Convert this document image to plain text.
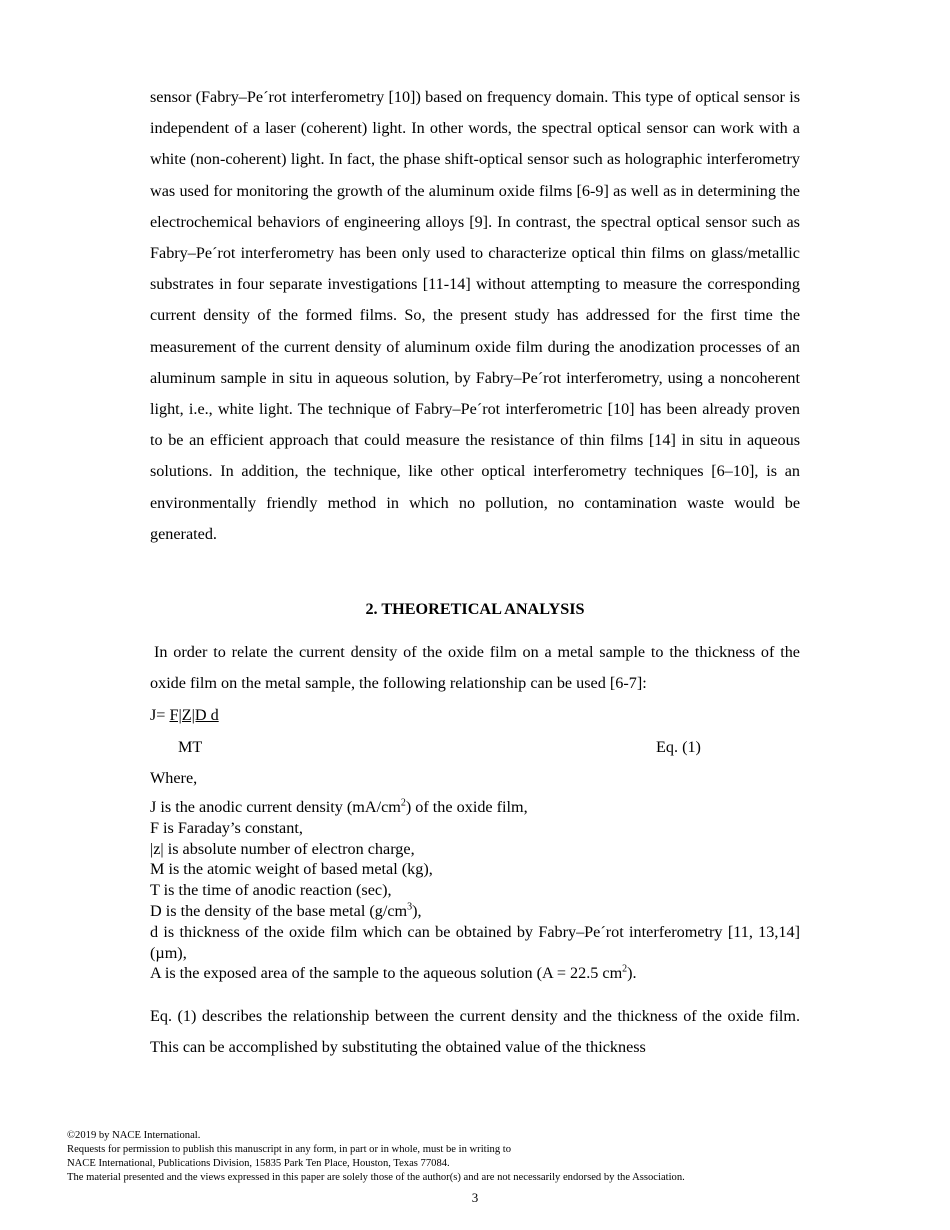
sensor (Fabry–Pe´rot interferometry [10]) based on frequency domain. This type of optical sensor is independent of a laser (coherent) light. In other words, the spectral optical sensor can work with a white (non-coherent) light. In fact, the phase shift-optical sensor such as holographic interferometry was used for monitoring the growth of the aluminum oxide films [6-9] as well as in determining the electrochemical behaviors of engineering alloys [9]. In contrast, the spectral optical sensor such as Fabry–Pe´rot interferometry has been only used to characterize optical thin films on glass/metallic substrates in four separate investigations [11-14] without attempting to measure the corresponding current density of the formed films. So, the present study has addressed for the first time the measurement of the current density of aluminum oxide film during the anodization processes of an aluminum sample in situ in aqueous solution, by Fabry–Pe´rot interferometry, using a noncoherent light, i.e., white light. The technique of Fabry–Pe´rot interferometric [10] has been already proven to be an efficient approach that could measure the resistance of thin films [14] in situ in aqueous solutions. In addition, the technique, like other optical interferometry techniques [6–10], is an environmentally friendly method in which no pollution, no contamination waste would be generated.

2. THEORETICAL ANALYSIS

In order to relate the current density of the oxide film on a metal sample to the thickness of the oxide film on the metal sample, the following relationship can be used [6-7]:

J= F|Z|D d
MT	Eq. (1)
Where,
J is the anodic current density $(mA/cm^2)$ of the oxide film,
F is Faraday’s constant,
|z| is absolute number of electron charge,
M is the atomic weight of based metal (kg),
T is the time of anodic reaction (sec),
D is the density of the base metal $(g/cm^3)$,
d is thickness of the oxide film which can be obtained by Fabry–Pe´rot interferometry [11, 13,14] (µm),
A is the exposed area of the sample to the aqueous solution (A = 22.5 $cm^2$).

Eq. (1) describes the relationship between the current density and the thickness of the oxide film. This can be accomplished by substituting the obtained value of the thickness

©2019 by NACE International.
Requests for permission to publish this manuscript in any form, in part or in whole, must be in writing to
NACE International, Publications Division, 15835 Park Ten Place, Houston, Texas 77084.
The material presented and the views expressed in this paper are solely those of the author(s) and are not necessarily endorsed by the Association.
3
